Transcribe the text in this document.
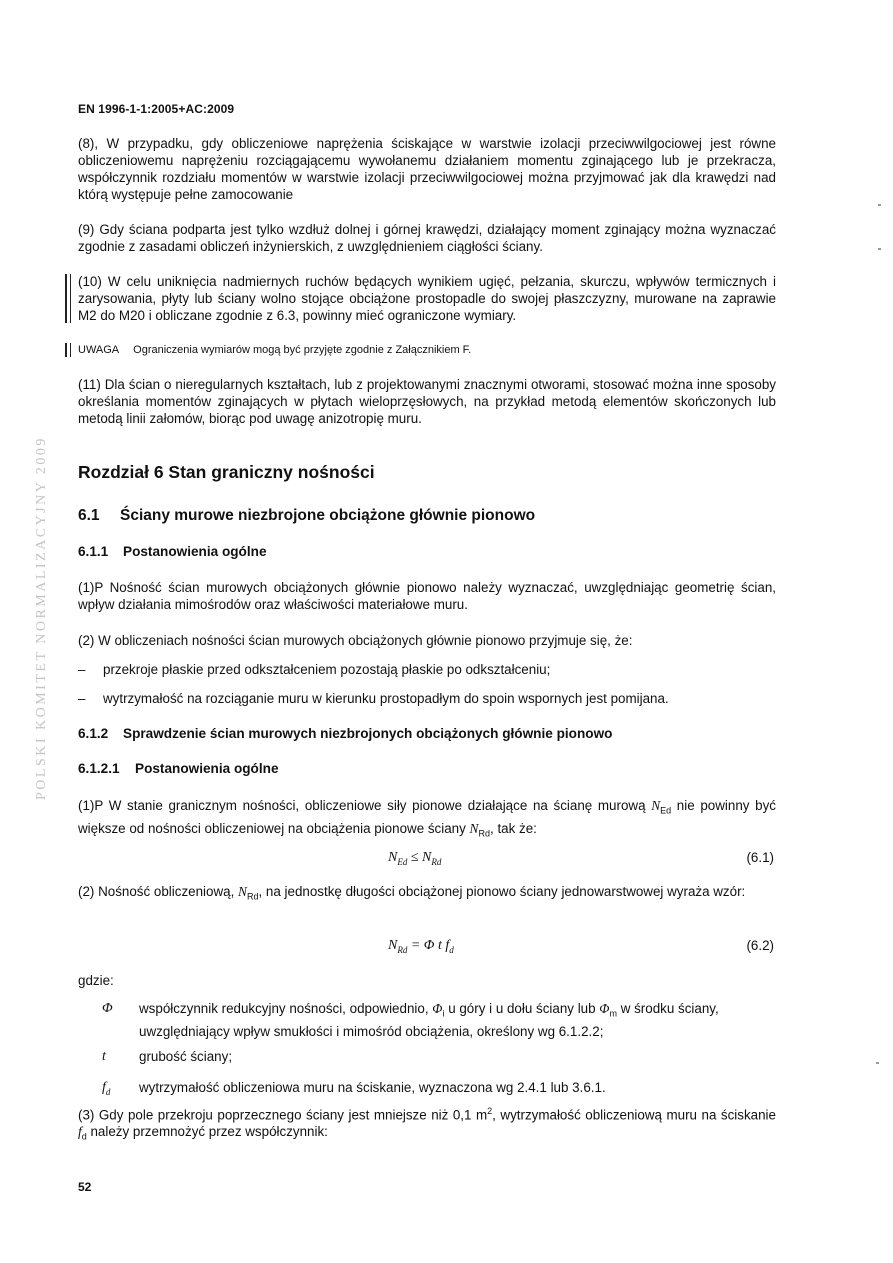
POLSKI KOMITET NORMALIZACYJNY 2009
EN 1996-1-1:2005+AC:2009
(8), W przypadku, gdy obliczeniowe naprężenia ściskające w warstwie izolacji przeciwwilgociowej jest równe obliczeniowemu naprężeniu rozciągającemu wywołanemu działaniem momentu zginającego lub je przekracza, współczynnik rozdziału momentów w warstwie izolacji przeciwwilgociowej można przyjmować jak dla krawędzi nad którą występuje pełne zamocowanie
(9) Gdy ściana podparta jest tylko wzdłuż dolnej i górnej krawędzi, działający moment zginający można wyznaczać zgodnie z zasadami obliczeń inżynierskich, z uwzględnieniem ciągłości ściany.
(10) W celu uniknięcia nadmiernych ruchów będących wynikiem ugięć, pełzania, skurczu, wpływów termicznych i zarysowania, płyty lub ściany wolno stojące obciążone prostopadle do swojej płaszczyzny, murowane na zaprawie M2 do M20 i obliczane zgodnie z 6.3, powinny mieć ograniczone wymiary.
UWAGA Ograniczenia wymiarów mogą być przyjęte zgodnie z Załącznikiem F.
(11) Dla ścian o nieregularnych kształtach, lub z projektowanymi znacznymi otworami, stosować można inne sposoby określania momentów zginających w płytach wieloprzęsłowych, na przykład metodą elementów skończonych lub metodą linii załomów, biorąc pod uwagę anizotropię muru.
Rozdział 6 Stan graniczny nośności
6.1 Ściany murowe niezbrojone obciążone głównie pionowo
6.1.1 Postanowienia ogólne
(1)P Nośność ścian murowych obciążonych głównie pionowo należy wyznaczać, uwzględniając geometrię ścian, wpływ działania mimośrodów oraz właściwości materiałowe muru.
(2) W obliczeniach nośności ścian murowych obciążonych głównie pionowo przyjmuje się, że:
– przekroje płaskie przed odkształceniem pozostają płaskie po odkształceniu;
– wytrzymałość na rozciąganie muru w kierunku prostopadłym do spoin wspornych jest pomijana.
6.1.2 Sprawdzenie ścian murowych niezbrojonych obciążonych głównie pionowo
6.1.2.1 Postanowienia ogólne
(1)P W stanie granicznym nośności, obliczeniowe siły pionowe działające na ścianę murową $N_{Ed}$ nie powinny być większe od nośności obliczeniowej na obciążenia pionowe ściany $N_{Rd}$, tak że:
$N_{Ed} \le N_{Rd}$	(6.1)
(2) Nośność obliczeniową, $N_{Rd}$, na jednostkę długości obciążonej pionowo ściany jednowarstwowej wyraża wzór:
$N_{Rd} = \Phi$ t $f_d$	(6.2)
gdzie:
Φ współczynnik redukcyjny nośności, odpowiednio, $\Phi_i$ u góry i u dołu ściany lub $\Phi_m$ w środku ściany, uwzględniający wpływ smukłości i mimośród obciążenia, określony wg 6.1.2.2;
t grubość ściany;
$f_d$ wytrzymałość obliczeniowa muru na ściskanie, wyznaczona wg 2.4.1 lub 3.6.1.
(3) Gdy pole przekroju poprzecznego ściany jest mniejsze niż 0,1 $m^2$, wytrzymałość obliczeniową muru na ściskanie $f_d$ należy przemnożyć przez współczynnik:
52
